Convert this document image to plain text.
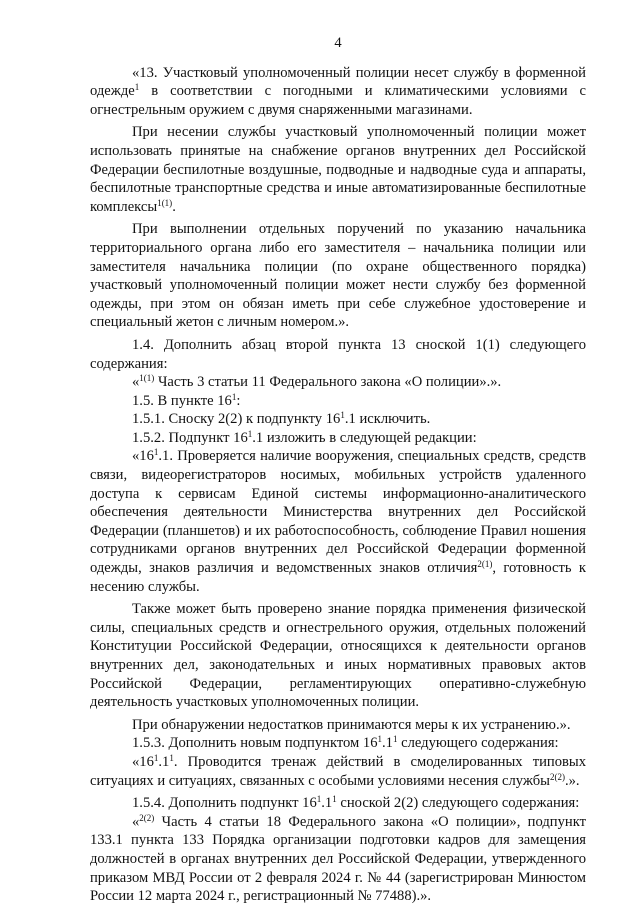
4

«13. Участковый уполномоченный полиции несет службу в форменной одежде$^1$ в соответствии с погодными и климатическими условиями с огнестрельным оружием с двумя снаряженными магазинами.

При несении службы участковый уполномоченный полиции может использовать принятые на снабжение органов внутренних дел Российской Федерации беспилотные воздушные, подводные и надводные суда и аппараты, беспилотные транспортные средства и иные автоматизированные беспилотные комплексы$^{1(1)}$.

При выполнении отдельных поручений по указанию начальника территориального органа либо его заместителя – начальника полиции или заместителя начальника полиции (по охране общественного порядка) участковый уполномоченный полиции может нести службу без форменной одежды, при этом он обязан иметь при себе служебное удостоверение и специальный жетон с личным номером.».

1.4. Дополнить абзац второй пункта 13 сноской 1(1) следующего содержания:

«$^{1(1)}$ Часть 3 статьи 11 Федерального закона «О полиции».».

1.5. В пункте $16^1$:

1.5.1. Сноску 2(2) к подпункту $16^1.1$ исключить.

1.5.2. Подпункт $16^1.1$ изложить в следующей редакции:

«$16^1.1$. Проверяется наличие вооружения, специальных средств, средств связи, видеорегистраторов носимых, мобильных устройств удаленного доступа к сервисам Единой системы информационно-аналитического обеспечения деятельности Министерства внутренних дел Российской Федерации (планшетов) и их работоспособность, соблюдение Правил ношения сотрудниками органов внутренних дел Российской Федерации форменной одежды, знаков различия и ведомственных знаков отличия$^{2(1)}$, готовность к несению службы.

Также может быть проверено знание порядка применения физической силы, специальных средств и огнестрельного оружия, отдельных положений Конституции Российской Федерации, относящихся к деятельности органов внутренних дел, законодательных и иных нормативных правовых актов Российской Федерации, регламентирующих оперативно-служебную деятельность участковых уполномоченных полиции.

При обнаружении недостатков принимаются меры к их устранению.».

1.5.3. Дополнить новым подпунктом $16^1.1^1$ следующего содержания:

«$16^1.1^1$. Проводится тренаж действий в смоделированных типовых ситуациях и ситуациях, связанных с особыми условиями несения службы$^{2(2)}$.».

1.5.4. Дополнить подпункт $16^1.1^1$ сноской 2(2) следующего содержания:

«$^{2(2)}$ Часть 4 статьи 18 Федерального закона «О полиции», подпункт 133.1 пункта 133 Порядка организации подготовки кадров для замещения должностей в органах внутренних дел Российской Федерации, утвержденного приказом МВД России от 2 февраля 2024 г. № 44 (зарегистрирован Минюстом России 12 марта 2024 г., регистрационный № 77488).».
